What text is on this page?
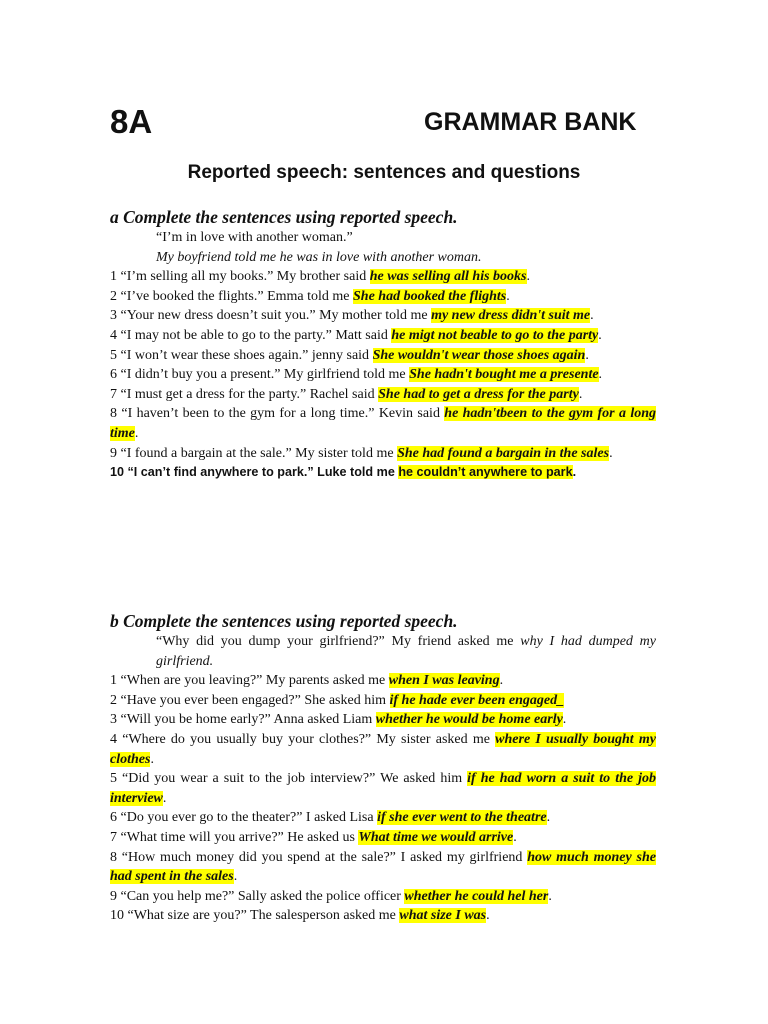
8A	GRAMMAR BANK
Reported speech: sentences and questions
a Complete the sentences using reported speech.
“I’m in love with another woman.”
My boyfriend told me he was in love with another woman.

1 “I’m selling all my books.” My brother said he was selling all his books.

2 “I’ve booked the flights.” Emma told me She had booked the flights.

3 “Your new dress doesn’t suit you.” My mother told me my new dress didn't suit me.

4 “I may not be able to go to the party.” Matt said he migt not beable to go to the party.

5 “I won’t wear these shoes again.” jenny said She wouldn't wear those shoes again.

6 “I didn’t buy you a present.” My girlfriend told me She hadn't bought me a presente.

7 “I must get a dress for the party.” Rachel said She had to get a dress for the party.

8 “I haven’t been to the gym for a long time.” Kevin said he hadn'tbeen to the gym for a long time.

9 “I found a bargain at the sale.” My sister told me She had found a bargain in the sales.

10 “I can’t find anywhere to park.” Luke told me he couldn’t anywhere to park.

b Complete the sentences using reported speech.
“Why did you dump your girlfriend?” My friend asked me why I had dumped my girlfriend.

1 “When are you leaving?” My parents asked me when I was leaving.

2 “Have you ever been engaged?” She asked him if he hade ever been engaged_

3 “Will you be home early?” Anna asked Liam whether he would be home early.

4 “Where do you usually buy your clothes?” My sister asked me where I usually bought my clothes.

5 “Did you wear a suit to the job interview?” We asked him if he had worn a suit to the job interview.

6 “Do you ever go to the theater?” I asked Lisa if she ever went to the theatre.

7 “What time will you arrive?” He asked us What time we would arrive.

8 “How much money did you spend at the sale?” I asked my girlfriend how much money she had spent in the sales.

9 “Can you help me?” Sally asked the police officer whether he could hel her.

10 “What size are you?” The salesperson asked me what size I was.
